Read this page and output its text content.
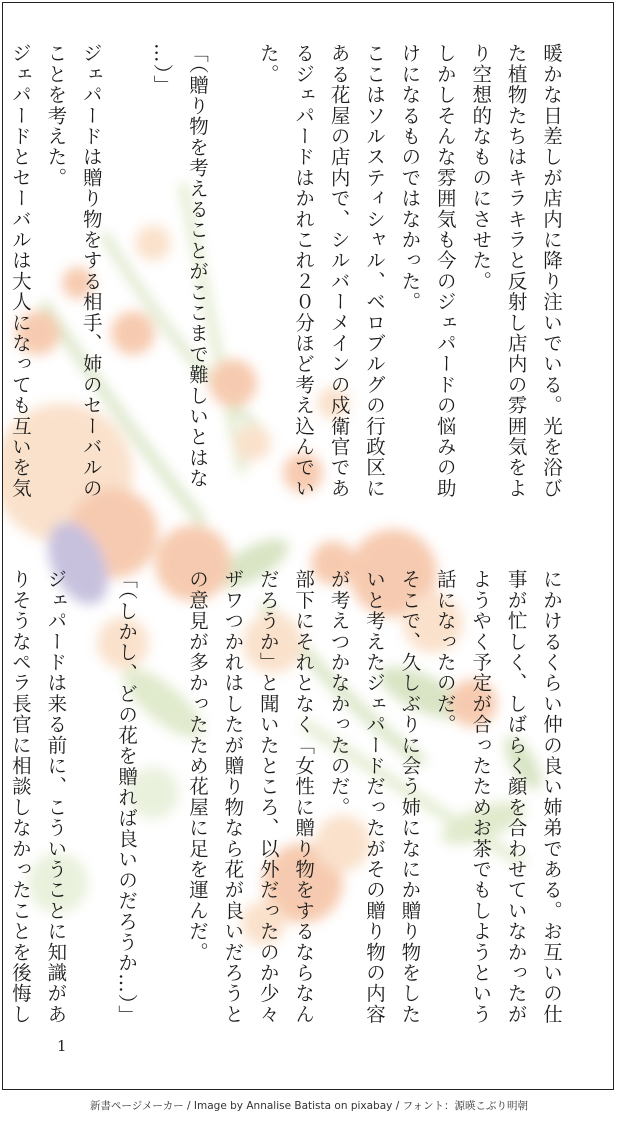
暖かな日差しが店内に降り注いでいる。光を浴び
た植物たちはキラキラと反射し店内の雰囲気をよ
り空想的なものにさせた。
しかしそんな雰囲気も今のジェパードの悩みの助
けになるものではなかった。
ここはソルスティシャル、ベロブルグの行政区に
ある花屋の店内で、シルバーメインの戍衛官であ
るジェパードはかれこれ２０分ほど考え込んでい
た。

「（贈り物を考えることがここまで難しいとはな
…）」

ジェパードは贈り物をする相手、姉のセーバルの
ことを考えた。
ジェパードとセーバルは大人になっても互いを気
にかけるくらい仲の良い姉弟である。お互いの仕
事が忙しく、しばらく顔を合わせていなかったが
ようやく予定が合ったためお茶でもしようという
話になったのだ。
そこで、久しぶりに会う姉になにか贈り物をした
いと考えたジェパードだったがその贈り物の内容
が考えつかなかったのだ。
部下にそれとなく「女性に贈り物をするならなん
だろうか」と聞いたところ、以外だったのか少々
ザワつかれはしたが贈り物なら花が良いだろうと
の意見が多かったため花屋に足を運んだ。

「（しかし、どの花を贈れば良いのだろうか…）」

ジェパードは来る前に、こういうことに知識があ
りそうなペラ長官に相談しなかったことを後悔し
1
新書ページメーカー / Image by Annalise Batista on pixabay / フォント：源暎こぶり明朝
